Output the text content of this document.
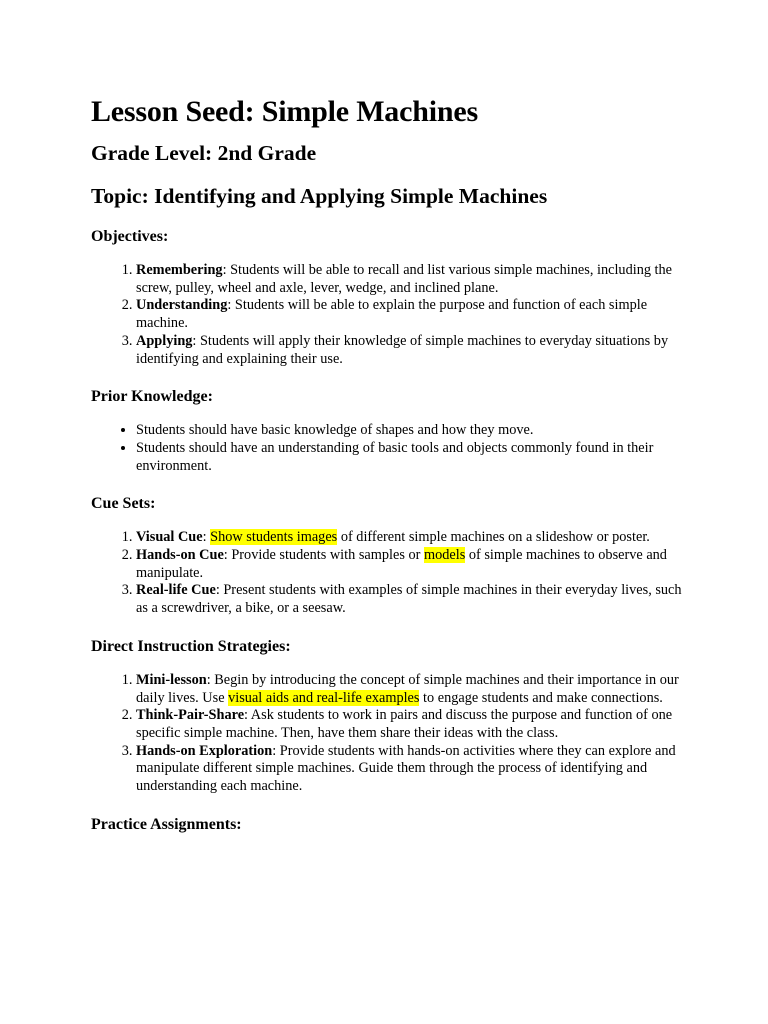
Lesson Seed: Simple Machines
Grade Level: 2nd Grade
Topic: Identifying and Applying Simple Machines
Objectives:
1. Remembering: Students will be able to recall and list various simple machines, including the screw, pulley, wheel and axle, lever, wedge, and inclined plane.
2. Understanding: Students will be able to explain the purpose and function of each simple machine.
3. Applying: Students will apply their knowledge of simple machines to everyday situations by identifying and explaining their use.
Prior Knowledge:
• Students should have basic knowledge of shapes and how they move.
• Students should have an understanding of basic tools and objects commonly found in their environment.
Cue Sets:
1. Visual Cue: Show students images of different simple machines on a slideshow or poster.
2. Hands-on Cue: Provide students with samples or models of simple machines to observe and manipulate.
3. Real-life Cue: Present students with examples of simple machines in their everyday lives, such as a screwdriver, a bike, or a seesaw.
Direct Instruction Strategies:
1. Mini-lesson: Begin by introducing the concept of simple machines and their importance in our daily lives. Use visual aids and real-life examples to engage students and make connections.
2. Think-Pair-Share: Ask students to work in pairs and discuss the purpose and function of one specific simple machine. Then, have them share their ideas with the class.
3. Hands-on Exploration: Provide students with hands-on activities where they can explore and manipulate different simple machines. Guide them through the process of identifying and understanding each machine.
Practice Assignments:
